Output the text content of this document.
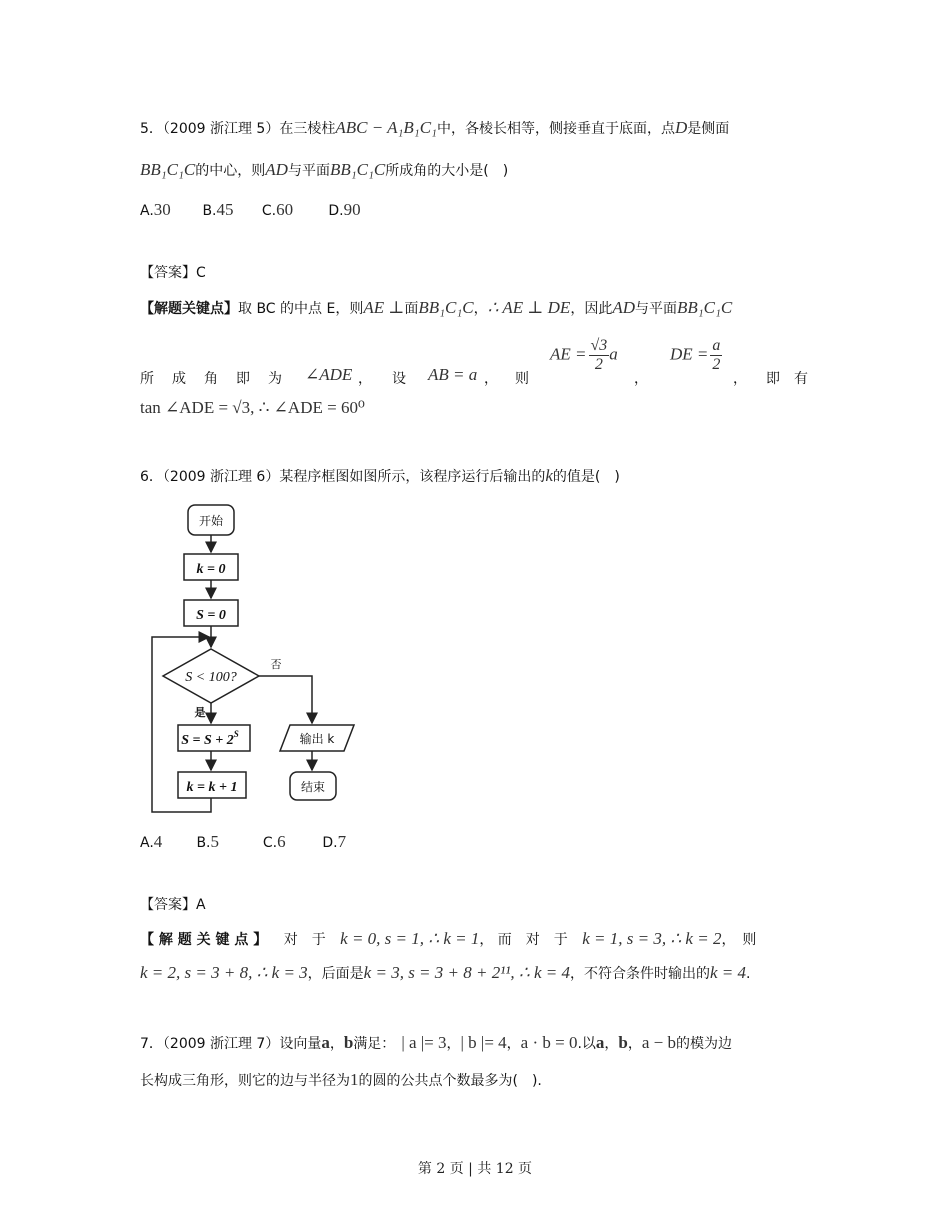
5．（2009 浙江理 5）在三棱柱ABC − A₁B₁C₁中，各棱长相等，侧接垂直于底面，点D是侧面
BB₁C₁C的中心，则AD与平面BB₁C₁C所成角的大小是(　)
A.30 B.45 C.60	D.90
【答案】C
【解题关键点】取 BC 的中点 E，则AE ⊥面BB₁C₁C，∴ AE ⊥ DE，因此AD与平面BB₁C₁C
所 成 角 即 为 ∠ADE ， 设 AB = a ， 则
AE = $\frac{√3}{2}$ a
，
DE = $\frac{a}{2}$
， 即　有
tan ∠ADE = √3, ∴ ∠ADE = 60⁰
6．（2009 浙江理 6）某程序框图如图所示，该程序运行后输出的k的值是(　)
开始
k = 0
S = 0
S < 100?
否
是
$S = S + 2^S$
k = k + 1
输出 k
结束
A.4 B.5	C.6	D.7
【答案】A
【 解 题 关 键 点 】 对　于 k = 0, s = 1, ∴ k = 1， 而　对　于 k = 1, s = 3, ∴ k = 2，　则
k = 2, s = 3 + 8, ∴ k = 3，后面是k = 3, s = 3 + 8 + 2¹¹, ∴ k = 4，不符合条件时输出的k = 4.
7．（2009 浙江理 7）设向量a，b满足： | a |= 3，| b |= 4，a · b = 0.以a，b，a − b的模为边
长构成三角形，则它的边与半径为1的圆的公共点个数最多为(　).
第 2 页 | 共 12 页
